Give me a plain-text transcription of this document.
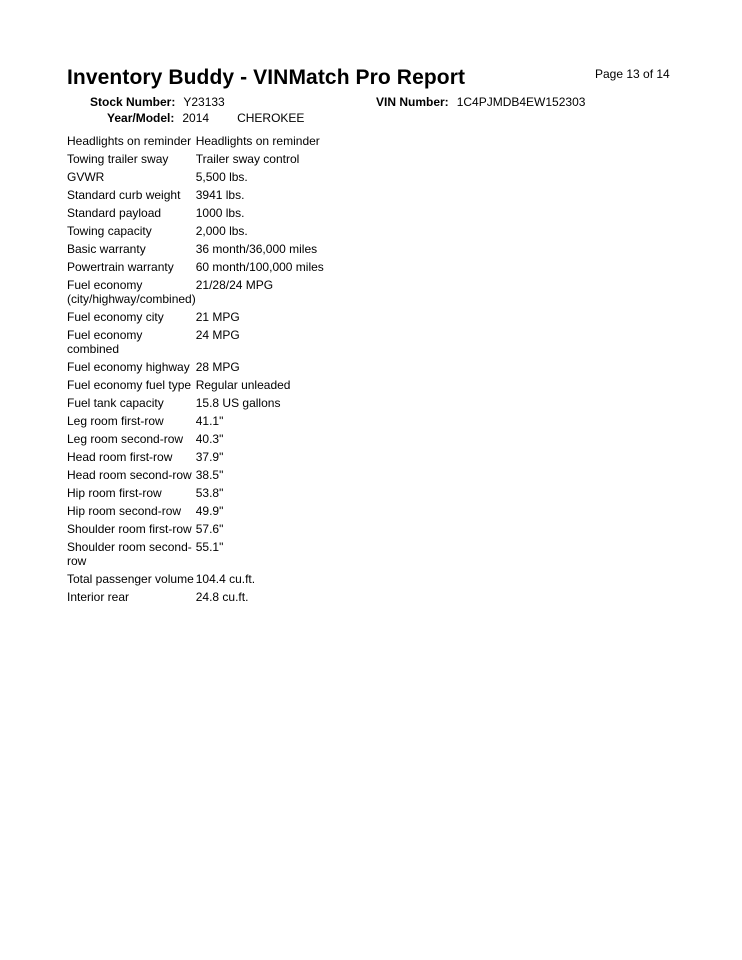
Page 13 of 14
Inventory Buddy - VINMatch Pro Report
Stock Number: Y23133
Year/Model: 2014 CHEROKEE
VIN Number: 1C4PJMDB4EW152303
Headlights on reminder	Headlights on reminder
Towing trailer sway	Trailer sway control
GVWR	5,500 lbs.
Standard curb weight	3941 lbs.
Standard payload	1000 lbs.
Towing capacity	2,000 lbs.
Basic warranty	36 month/36,000 miles
Powertrain warranty	60 month/100,000 miles
Fuel economy (city/highway/combined)	21/28/24 MPG
Fuel economy city	21 MPG
Fuel economy combined	24 MPG
Fuel economy highway	28 MPG
Fuel economy fuel type	Regular unleaded
Fuel tank capacity	15.8 US gallons
Leg room first-row	41.1"
Leg room second-row	40.3"
Head room first-row	37.9"
Head room second-row	38.5"
Hip room first-row	53.8"
Hip room second-row	49.9"
Shoulder room first-row	57.6"
Shoulder room second-row	55.1"
Total passenger volume	104.4 cu.ft.
Interior rear	24.8 cu.ft.
